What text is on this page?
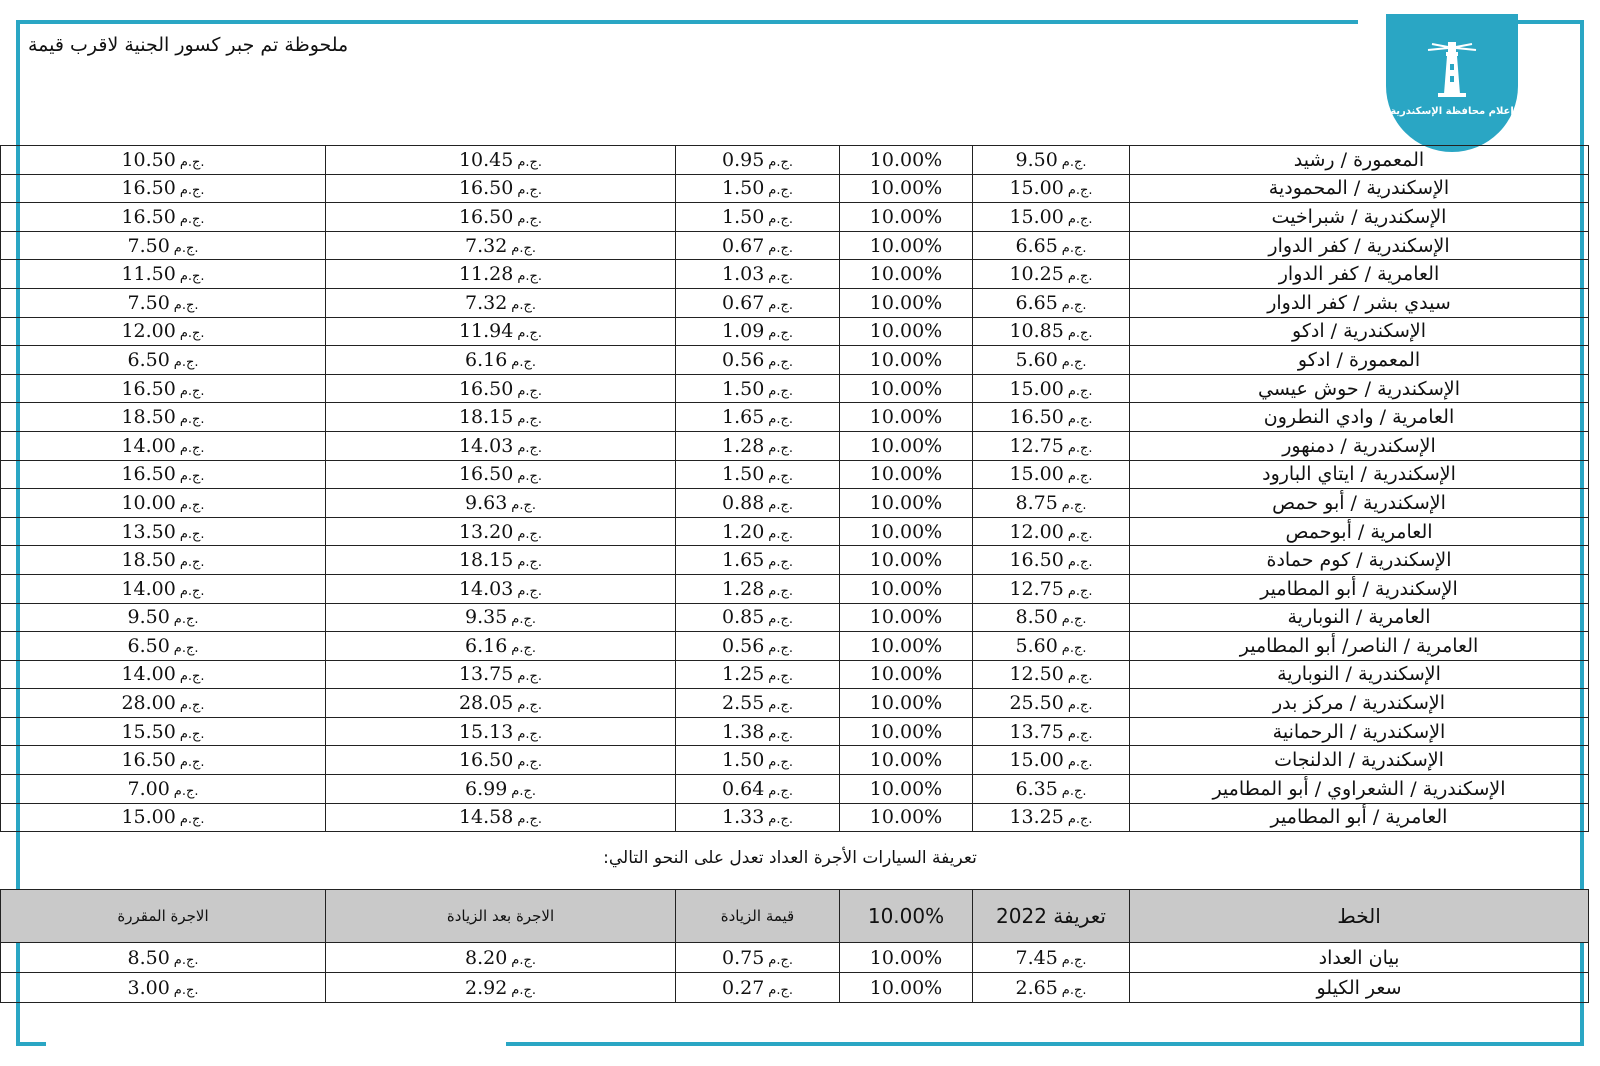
إعلام محافظة الإسكندرية
ملحوظة تم جبر كسور الجنية لاقرب قيمة
10.50 ج.م.	10.45 ج.م.	0.95 ج.م.	10.00%	9.50 ج.م.	المعمورة / رشيد
16.50 ج.م.	16.50 ج.م.	1.50 ج.م.	10.00%	15.00 ج.م.	الإسكندرية / المحمودية
16.50 ج.م.	16.50 ج.م.	1.50 ج.م.	10.00%	15.00 ج.م.	الإسكندرية / شبراخيت
7.50 ج.م.	7.32 ج.م.	0.67 ج.م.	10.00%	6.65 ج.م.	الإسكندرية / كفر الدوار
11.50 ج.م.	11.28 ج.م.	1.03 ج.م.	10.00%	10.25 ج.م.	العامرية / كفر الدوار
7.50 ج.م.	7.32 ج.م.	0.67 ج.م.	10.00%	6.65 ج.م.	سيدي بشر / كفر الدوار
12.00 ج.م.	11.94 ج.م.	1.09 ج.م.	10.00%	10.85 ج.م.	الإسكندرية / ادكو
6.50 ج.م.	6.16 ج.م.	0.56 ج.م.	10.00%	5.60 ج.م.	المعمورة / ادكو
16.50 ج.م.	16.50 ج.م.	1.50 ج.م.	10.00%	15.00 ج.م.	الإسكندرية / حوش عيسي
18.50 ج.م.	18.15 ج.م.	1.65 ج.م.	10.00%	16.50 ج.م.	العامرية / وادي النطرون
14.00 ج.م.	14.03 ج.م.	1.28 ج.م.	10.00%	12.75 ج.م.	الإسكندرية / دمنهور
16.50 ج.م.	16.50 ج.م.	1.50 ج.م.	10.00%	15.00 ج.م.	الإسكندرية / ايتاي البارود
10.00 ج.م.	9.63 ج.م.	0.88 ج.م.	10.00%	8.75 ج.م.	الإسكندرية / أبو حمص
13.50 ج.م.	13.20 ج.م.	1.20 ج.م.	10.00%	12.00 ج.م.	العامرية / أبوحمص
18.50 ج.م.	18.15 ج.م.	1.65 ج.م.	10.00%	16.50 ج.م.	الإسكندرية / كوم حمادة
14.00 ج.م.	14.03 ج.م.	1.28 ج.م.	10.00%	12.75 ج.م.	الإسكندرية / أبو المطامير
9.50 ج.م.	9.35 ج.م.	0.85 ج.م.	10.00%	8.50 ج.م.	العامرية / النوبارية
6.50 ج.م.	6.16 ج.م.	0.56 ج.م.	10.00%	5.60 ج.م.	العامرية / الناصر/ أبو المطامير
14.00 ج.م.	13.75 ج.م.	1.25 ج.م.	10.00%	12.50 ج.م.	الإسكندرية / النوبارية
28.00 ج.م.	28.05 ج.م.	2.55 ج.م.	10.00%	25.50 ج.م.	الإسكندرية / مركز بدر
15.50 ج.م.	15.13 ج.م.	1.38 ج.م.	10.00%	13.75 ج.م.	الإسكندرية / الرحمانية
16.50 ج.م.	16.50 ج.م.	1.50 ج.م.	10.00%	15.00 ج.م.	الإسكندرية / الدلنجات
7.00 ج.م.	6.99 ج.م.	0.64 ج.م.	10.00%	6.35 ج.م.	الإسكندرية / الشعراوي / أبو المطامير
15.00 ج.م.	14.58 ج.م.	1.33 ج.م.	10.00%	13.25 ج.م.	العامرية / أبو المطامير
تعريفة السيارات الأجرة العداد تعدل على النحو التالي:
الاجرة المقررة	الاجرة بعد الزيادة	قيمة الزيادة	10.00%	تعريفة 2022	الخط
8.50 ج.م.	8.20 ج.م.	0.75 ج.م.	10.00%	7.45 ج.م.	بيان العداد
3.00 ج.م.	2.92 ج.م.	0.27 ج.م.	10.00%	2.65 ج.م.	سعر الكيلو
